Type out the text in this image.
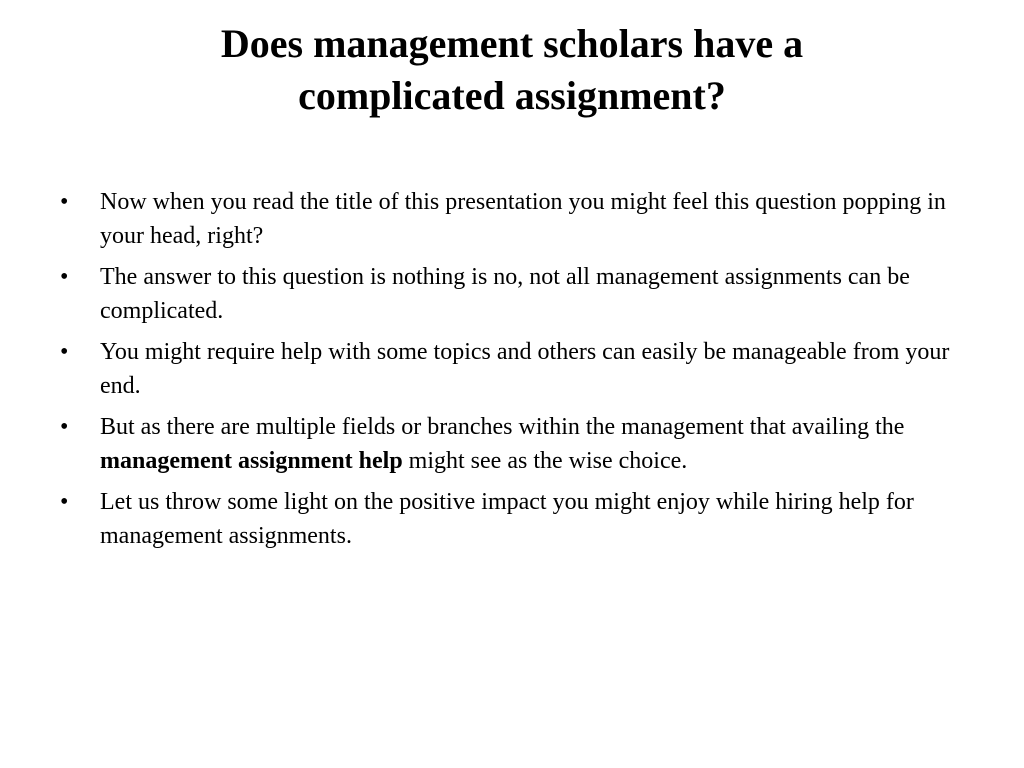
Does management scholars have a
complicated assignment?
•	Now when you read the title of this presentation you might feel this question popping in your head, right?
•	The answer to this question is nothing is no, not all management assignments can be complicated.
•	You might require help with some topics and others can easily be manageable from your end.
•	But as there are multiple fields or branches within the management that availing the management assignment help might see as the wise choice.
•	Let us throw some light on the positive impact you might enjoy while hiring help for management assignments.
